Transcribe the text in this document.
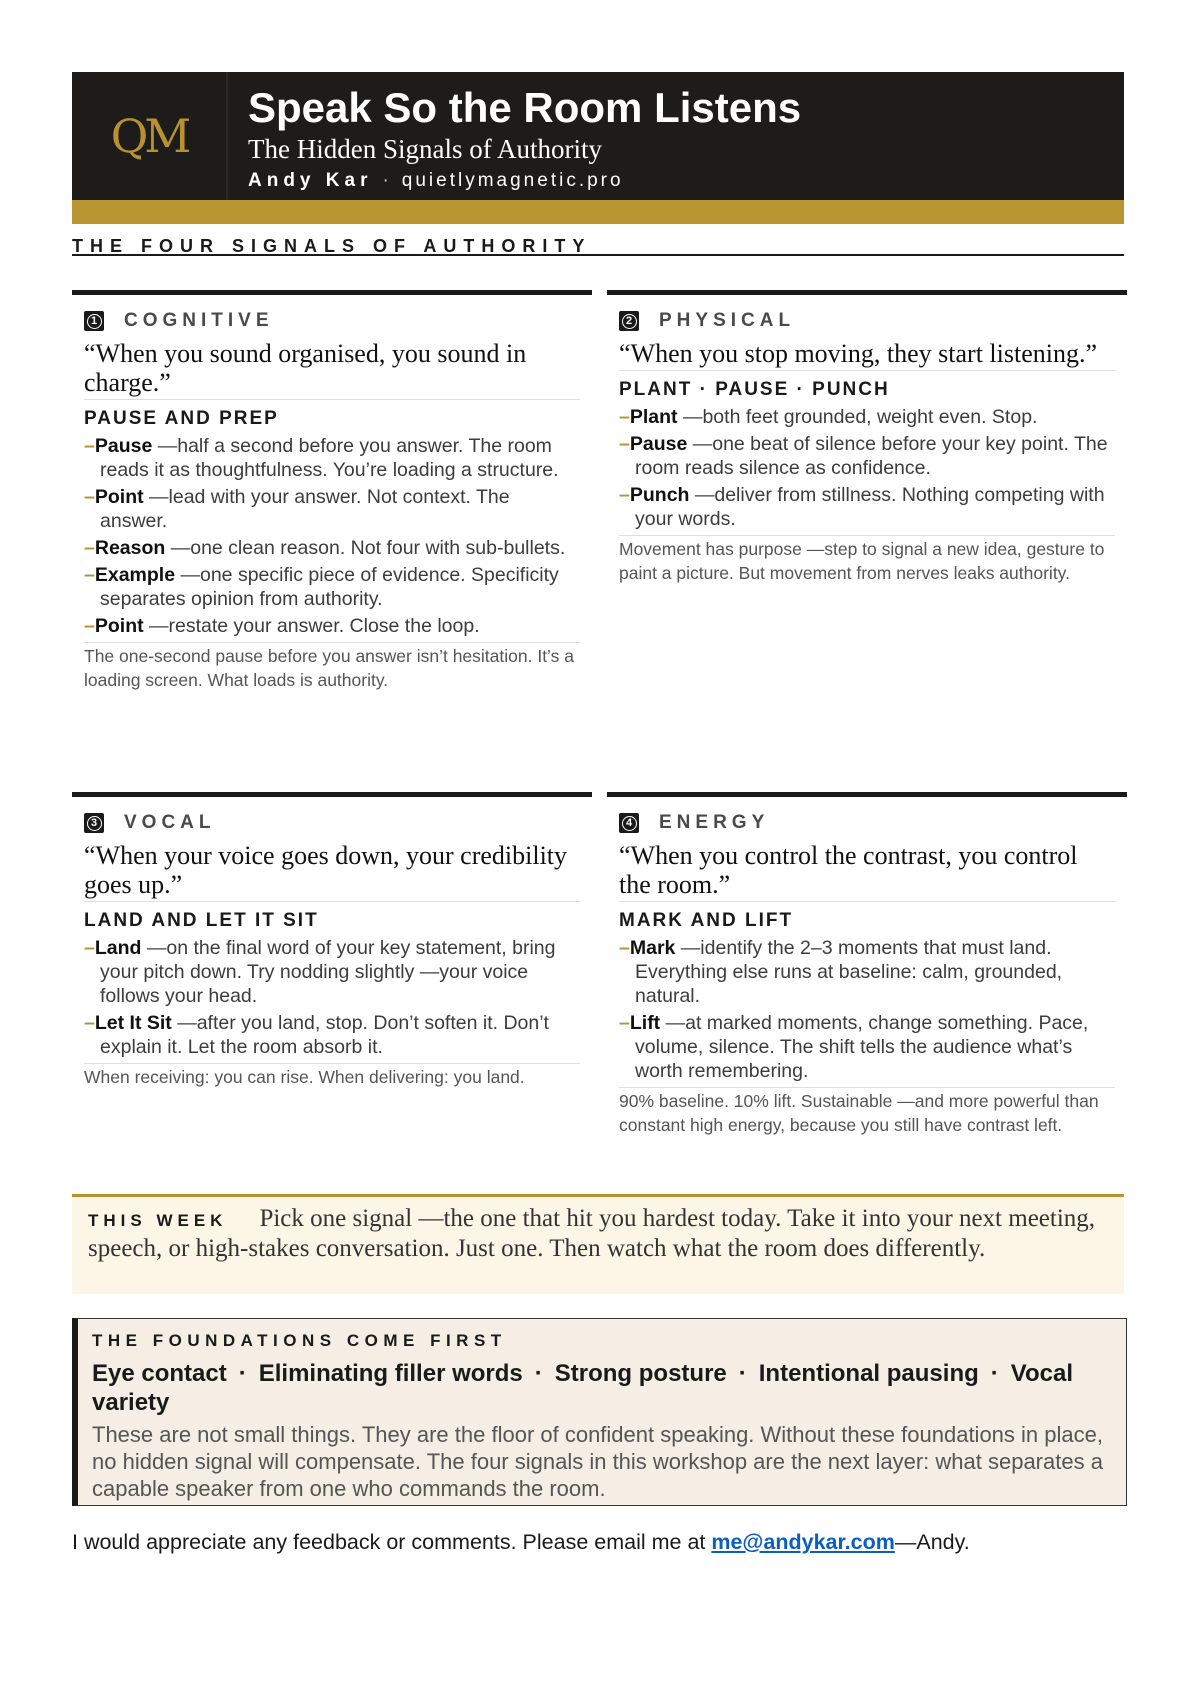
QM
Speak So the Room Listens
The Hidden Signals of Authority
Andy Kar · quietlymagnetic.pro
THE FOUR SIGNALS OF AUTHORITY
1 COGNITIVE
“When you sound organised, you sound in charge.”
PAUSE AND PREP
–Pause —half a second before you answer. The room reads it as thoughtfulness. You’re loading a structure.
–Point —lead with your answer. Not context. The answer.
–Reason —one clean reason. Not four with sub-bullets.
–Example —one specific piece of evidence. Specificity separates opinion from authority.
–Point —restate your answer. Close the loop.
The one-second pause before you answer isn’t hesitation. It’s a loading screen. What loads is authority.
2 PHYSICAL
“When you stop moving, they start listening.”
PLANT · PAUSE · PUNCH
–Plant —both feet grounded, weight even. Stop.
–Pause —one beat of silence before your key point. The room reads silence as confidence.
–Punch —deliver from stillness. Nothing competing with your words.
Movement has purpose —step to signal a new idea, gesture to paint a picture. But movement from nerves leaks authority.
3 VOCAL
“When your voice goes down, your credibility goes up.”
LAND AND LET IT SIT
–Land —on the final word of your key statement, bring your pitch down. Try nodding slightly —your voice follows your head.
–Let It Sit —after you land, stop. Don’t soften it. Don’t explain it. Let the room absorb it.
When receiving: you can rise. When delivering: you land.
4 ENERGY
“When you control the contrast, you control the room.”
MARK AND LIFT
–Mark —identify the 2–3 moments that must land. Everything else runs at baseline: calm, grounded, natural.
–Lift —at marked moments, change something. Pace, volume, silence. The shift tells the audience what’s worth remembering.
90% baseline. 10% lift. Sustainable —and more powerful than constant high energy, because you still have contrast left.
THIS WEEK Pick one signal —the one that hit you hardest today. Take it into your next meeting, speech, or high-stakes conversation. Just one. Then watch what the room does differently.
THE FOUNDATIONS COME FIRST
Eye contact · Eliminating filler words · Strong posture · Intentional pausing · Vocal variety
These are not small things. They are the floor of confident speaking. Without these foundations in place, no hidden signal will compensate. The four signals in this workshop are the next layer: what separates a capable speaker from one who commands the room.
I would appreciate any feedback or comments. Please email me at me@andykar.com—Andy.
